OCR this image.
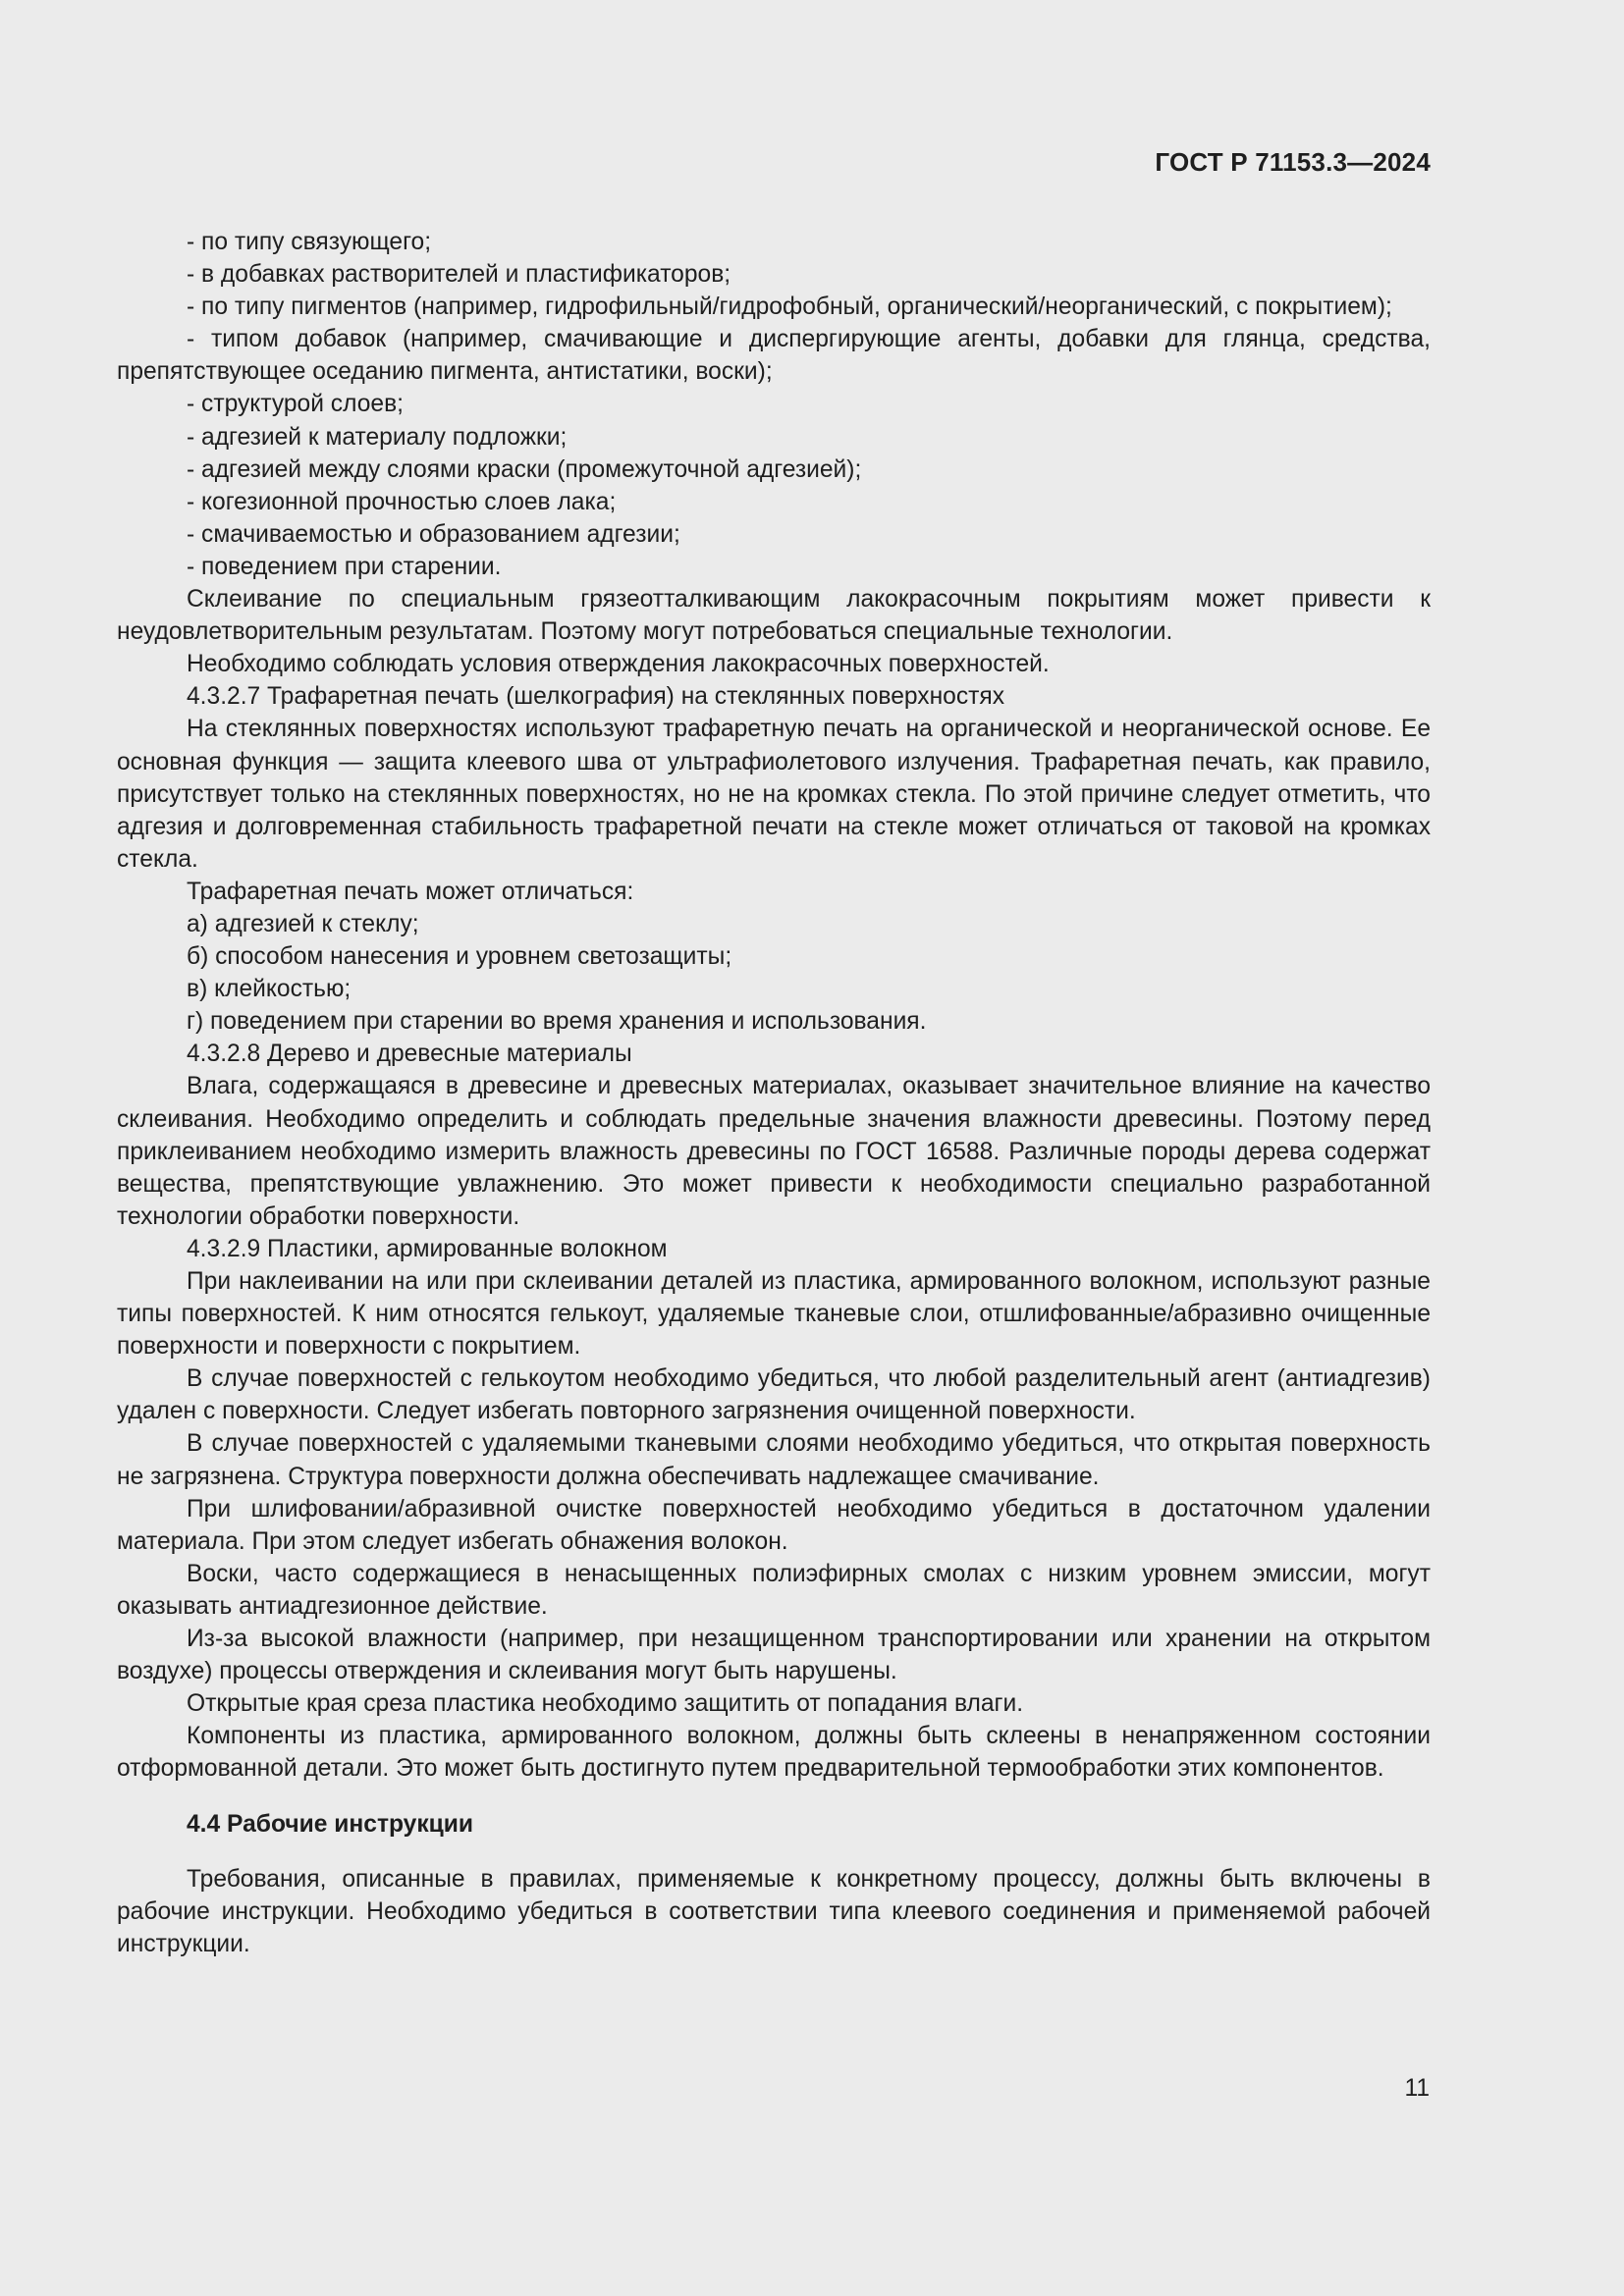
ГОСТ Р 71153.3—2024

- по типу связующего;

- в добавках растворителей и пластификаторов;

- по типу пигментов (например, гидрофильный/гидрофобный, органический/неорганический, с покрытием);

- типом добавок (например, смачивающие и диспергирующие агенты, добавки для глянца, средства, препятствующее оседанию пигмента, антистатики, воски);

- структурой слоев;

- адгезией к материалу подложки;

- адгезией между слоями краски (промежуточной адгезией);

- когезионной прочностью слоев лака;

- смачиваемостью и образованием адгезии;

- поведением при старении.

Склеивание по специальным грязеотталкивающим лакокрасочным покрытиям может привести к неудовлетворительным результатам. Поэтому могут потребоваться специальные технологии.

Необходимо соблюдать условия отверждения лакокрасочных поверхностей.

4.3.2.7 Трафаретная печать (шелкография) на стеклянных поверхностях

На стеклянных поверхностях используют трафаретную печать на органической и неорганической основе. Ее основная функция — защита клеевого шва от ультрафиолетового излучения. Трафаретная печать, как правило, присутствует только на стеклянных поверхностях, но не на кромках стекла. По этой причине следует отметить, что адгезия и долговременная стабильность трафаретной печати на стекле может отличаться от таковой на кромках стекла.

Трафаретная печать может отличаться:

а) адгезией к стеклу;

б) способом нанесения и уровнем светозащиты;

в) клейкостью;

г) поведением при старении во время хранения и использования.

4.3.2.8 Дерево и древесные материалы

Влага, содержащаяся в древесине и древесных материалах, оказывает значительное влияние на качество склеивания. Необходимо определить и соблюдать предельные значения влажности древесины. Поэтому перед приклеиванием необходимо измерить влажность древесины по ГОСТ 16588. Различные породы дерева содержат вещества, препятствующие увлажнению. Это может привести к необходимости специально разработанной технологии обработки поверхности.

4.3.2.9 Пластики, армированные волокном

При наклеивании на или при склеивании деталей из пластика, армированного волокном, используют разные типы поверхностей. К ним относятся гелькоут, удаляемые тканевые слои, отшлифованные/абразивно очищенные поверхности и поверхности с покрытием.

В случае поверхностей с гелькоутом необходимо убедиться, что любой разделительный агент (антиадгезив) удален с поверхности. Следует избегать повторного загрязнения очищенной поверхности.

В случае поверхностей с удаляемыми тканевыми слоями необходимо убедиться, что открытая поверхность не загрязнена. Структура поверхности должна обеспечивать надлежащее смачивание.

При шлифовании/абразивной очистке поверхностей необходимо убедиться в достаточном удалении материала. При этом следует избегать обнажения волокон.

Воски, часто содержащиеся в ненасыщенных полиэфирных смолах с низким уровнем эмиссии, могут оказывать антиадгезионное действие.

Из-за высокой влажности (например, при незащищенном транспортировании или хранении на открытом воздухе) процессы отверждения и склеивания могут быть нарушены.

Открытые края среза пластика необходимо защитить от попадания влаги.

Компоненты из пластика, армированного волокном, должны быть склеены в ненапряженном состоянии отформованной детали. Это может быть достигнуто путем предварительной термообработки этих компонентов.

4.4 Рабочие инструкции

Требования, описанные в правилах, применяемые к конкретному процессу, должны быть включены в рабочие инструкции. Необходимо убедиться в соответствии типа клеевого соединения и применяемой рабочей инструкции.

11
